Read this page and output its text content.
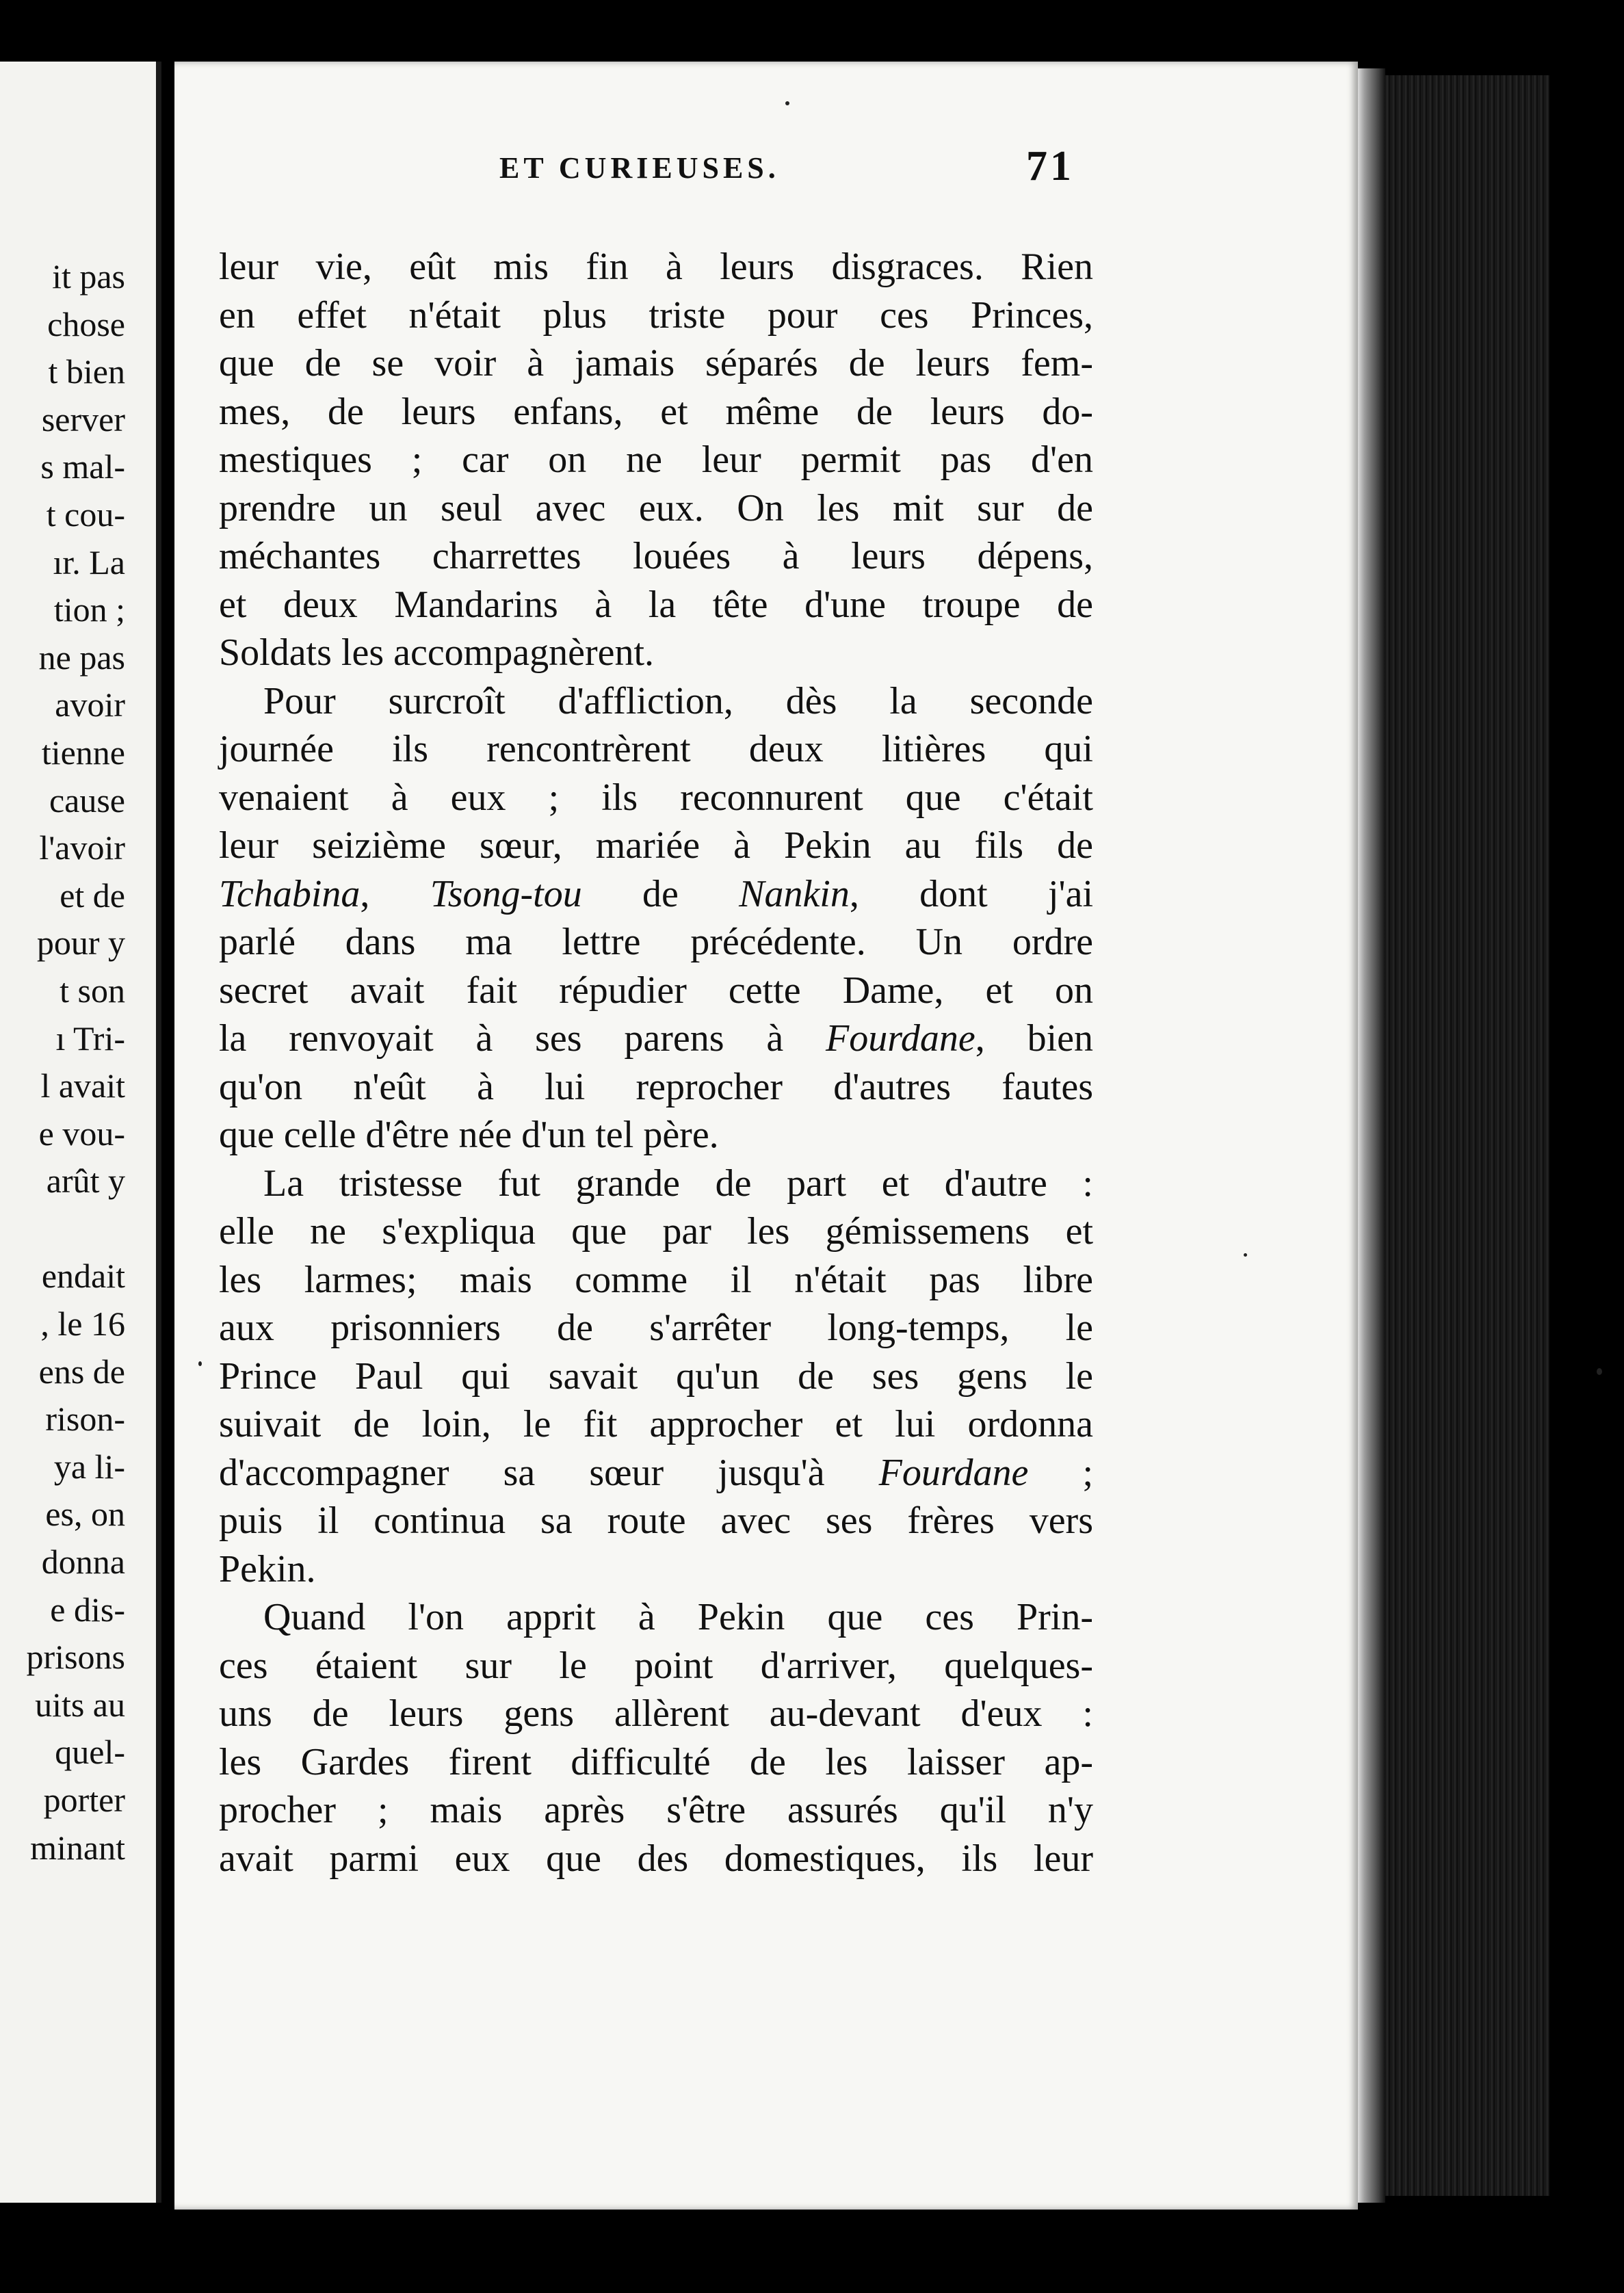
it pas
chose
t bien
server
s mal-
t cou-
ır. La
tion ;
ne pas
avoir
tienne
cause
l'avoir
et de
pour y
t son
ı Tri-
l avait
e vou-
arût y
endait
, le 16
ens de
rison-
ya li-
es, on
donna
e dis-
prisons
uits au
quel-
porter
minant
ET CURIEUSES.	71
leur vie, eût mis fin à leurs disgraces. Rien
en effet n'était plus triste pour ces Princes,
que de se voir à jamais séparés de leurs fem-
mes, de leurs enfans, et même de leurs do-
mestiques ; car on ne leur permit pas d'en
prendre un seul avec eux. On les mit sur de
méchantes charrettes louées à leurs dépens,
et deux Mandarins à la tête d'une troupe de
Soldats les accompagnèrent.
Pour surcroît d'affliction, dès la seconde
journée ils rencontrèrent deux litières qui
venaient à eux ; ils reconnurent que c'était
leur seizième sœur, mariée à Pekin au fils de
Tchabina, Tsong-tou de Nankin, dont j'ai
parlé dans ma lettre précédente. Un ordre
secret avait fait répudier cette Dame, et on
la renvoyait à ses parens à Fourdane, bien
qu'on n'eût à lui reprocher d'autres fautes
que celle d'être née d'un tel père.
La tristesse fut grande de part et d'autre :
elle ne s'expliqua que par les gémissemens et
les larmes; mais comme il n'était pas libre
aux prisonniers de s'arrêter long-temps, le
Prince Paul qui savait qu'un de ses gens le
suivait de loin, le fit approcher et lui ordonna
d'accompagner sa sœur jusqu'à Fourdane ;
puis il continua sa route avec ses frères vers
Pekin.
Quand l'on apprit à Pekin que ces Prin-
ces étaient sur le point d'arriver, quelques-
uns de leurs gens allèrent au-devant d'eux :
les Gardes firent difficulté de les laisser ap-
procher ; mais après s'être assurés qu'il n'y
avait parmi eux que des domestiques, ils leur
